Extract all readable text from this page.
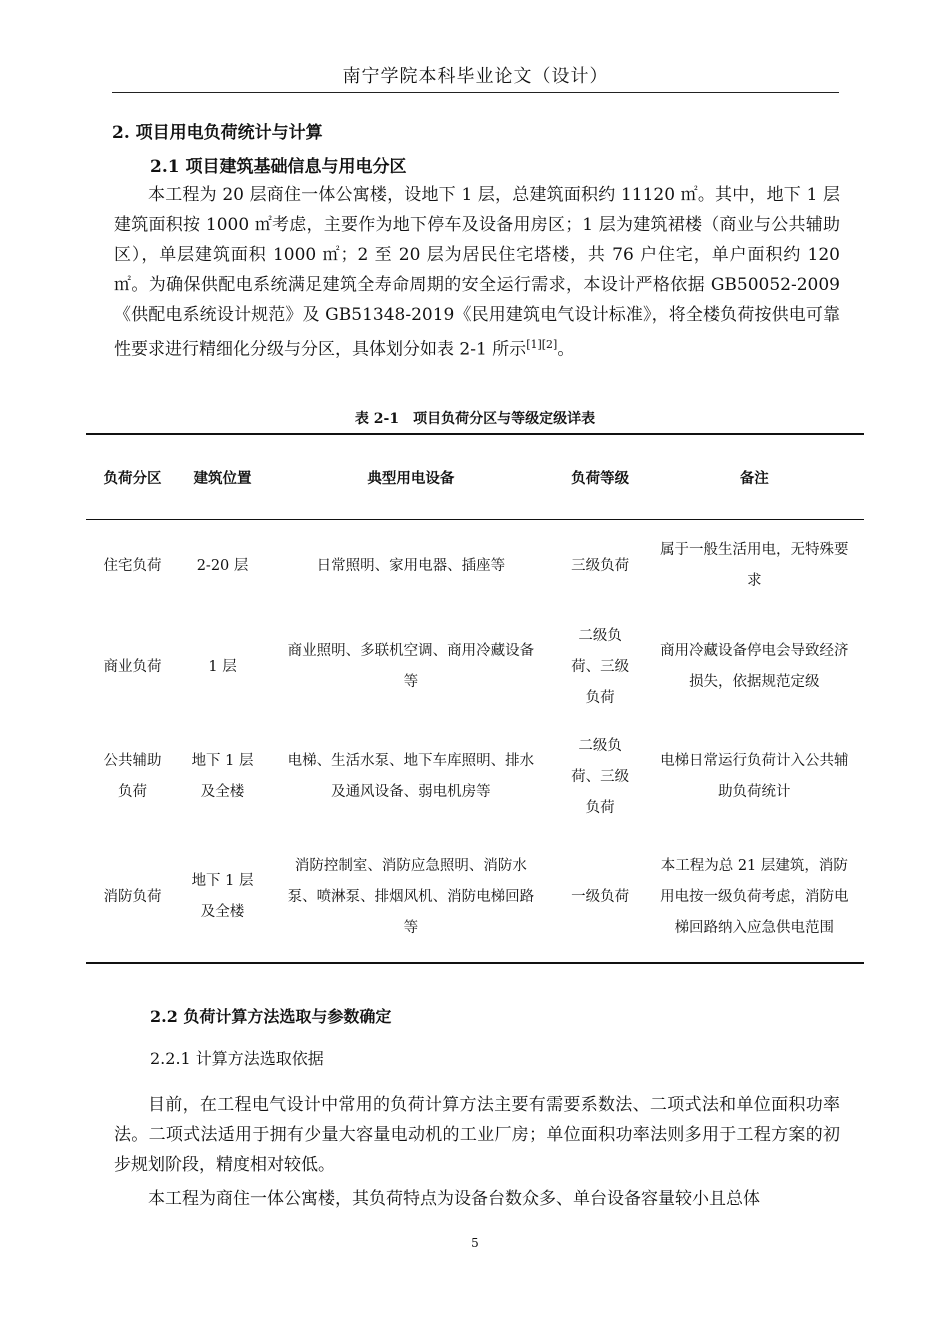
南宁学院本科毕业论文（设计）
2. 项目用电负荷统计与计算
2.1 项目建筑基础信息与用电分区

本工程为 20 层商住一体公寓楼，设地下 1 层，总建筑面积约 11120 ㎡。其中，地下 1 层建筑面积按 1000 ㎡考虑，主要作为地下停车及设备用房区；1 层为建筑裙楼（商业与公共辅助区），单层建筑面积 1000 ㎡；2 至 20 层为居民住宅塔楼，共 76 户住宅，单户面积约 120 ㎡。为确保供配电系统满足建筑全寿命周期的安全运行需求，本设计严格依据 GB50052-2009《供配电系统设计规范》及 GB51348-2019《民用建筑电气设计标准》，将全楼负荷按供电可靠性要求进行精细化分级与分区，具体划分如表 2-1 所示[1][2]。

表 2-1　项目负荷分区与等级定级详表
负荷分区	建筑位置	典型用电设备	负荷等级	备注
住宅负荷	2-20 层	日常照明、家用电器、插座等	三级负荷	属于一般生活用电，无特殊要求
商业负荷	1 层	商业照明、多联机空调、商用冷藏设备等	二级负荷、三级负荷	商用冷藏设备停电会导致经济损失，依据规范定级
公共辅助负荷	地下 1 层及全楼	电梯、生活水泵、地下车库照明、排水及通风设备、弱电机房等	二级负荷、三级负荷	电梯日常运行负荷计入公共辅助负荷统计
消防负荷	地下 1 层及全楼	消防控制室、消防应急照明、消防水泵、喷淋泵、排烟风机、消防电梯回路等	一级负荷	本工程为总 21 层建筑，消防用电按一级负荷考虑，消防电梯回路纳入应急供电范围
2.2 负荷计算方法选取与参数确定
2.2.1 计算方法选取依据

目前，在工程电气设计中常用的负荷计算方法主要有需要系数法、二项式法和单位面积功率法。二项式法适用于拥有少量大容量电动机的工业厂房；单位面积功率法则多用于工程方案的初步规划阶段，精度相对较低。

本工程为商住一体公寓楼，其负荷特点为设备台数众多、单台设备容量较小且总体

5
